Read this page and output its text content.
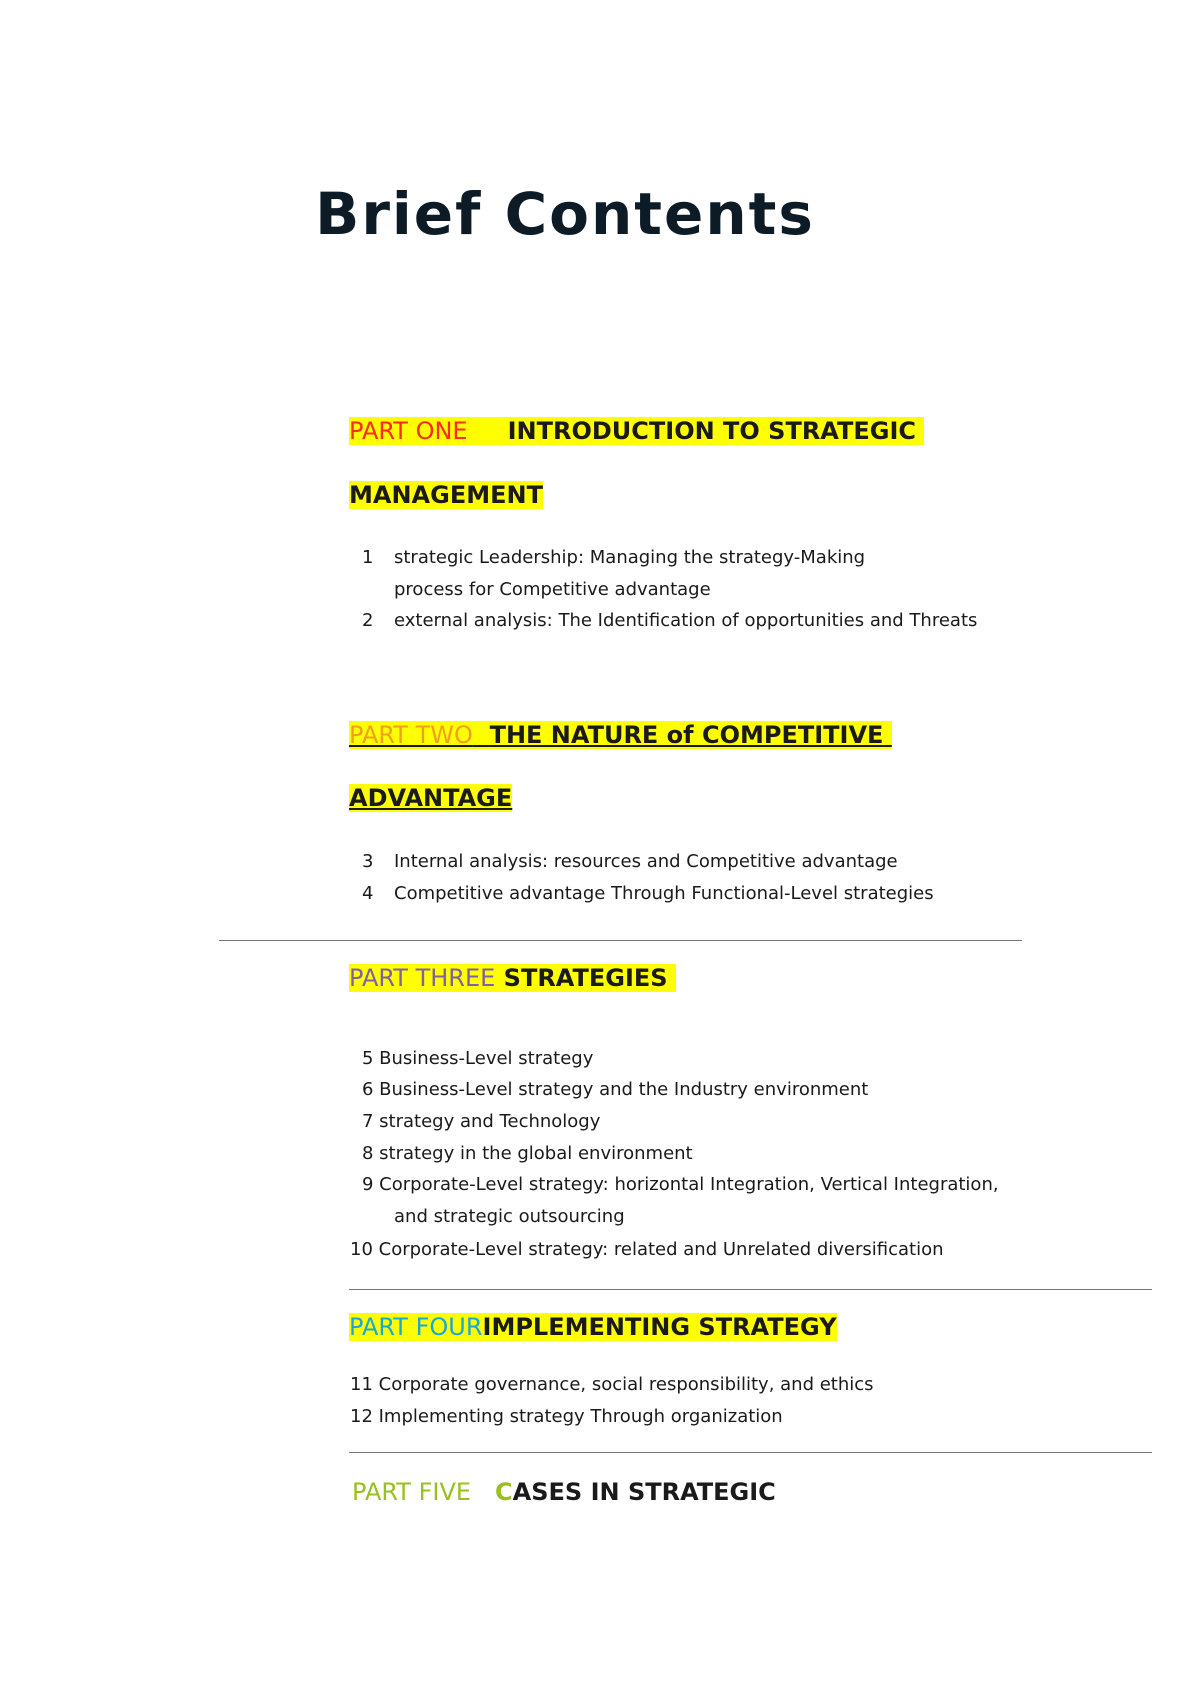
Brief Contents
PART ONE INTRODUCTION TO STRATEGIC
MANAGEMENT
1 strategic Leadership: Managing the strategy-Making
process for Competitive advantage
2 external analysis: The Identification of opportunities and Threats
PART TWO THE NATURE of COMPETITIVE
ADVANTAGE
3 Internal analysis: resources and Competitive advantage
4 Competitive advantage Through Functional-Level strategies
PART THREE STRATEGIES
5 Business-Level strategy
6 Business-Level strategy and the Industry environment
7 strategy and Technology
8 strategy in the global environment
9 Corporate-Level strategy: horizontal Integration, Vertical Integration,
and strategic outsourcing
10 Corporate-Level strategy: related and Unrelated diversification
PART FOURIMPLEMENTING STRATEGY
11 Corporate governance, social responsibility, and ethics
12 Implementing strategy Through organization
PART FIVE CASES IN STRATEGIC
